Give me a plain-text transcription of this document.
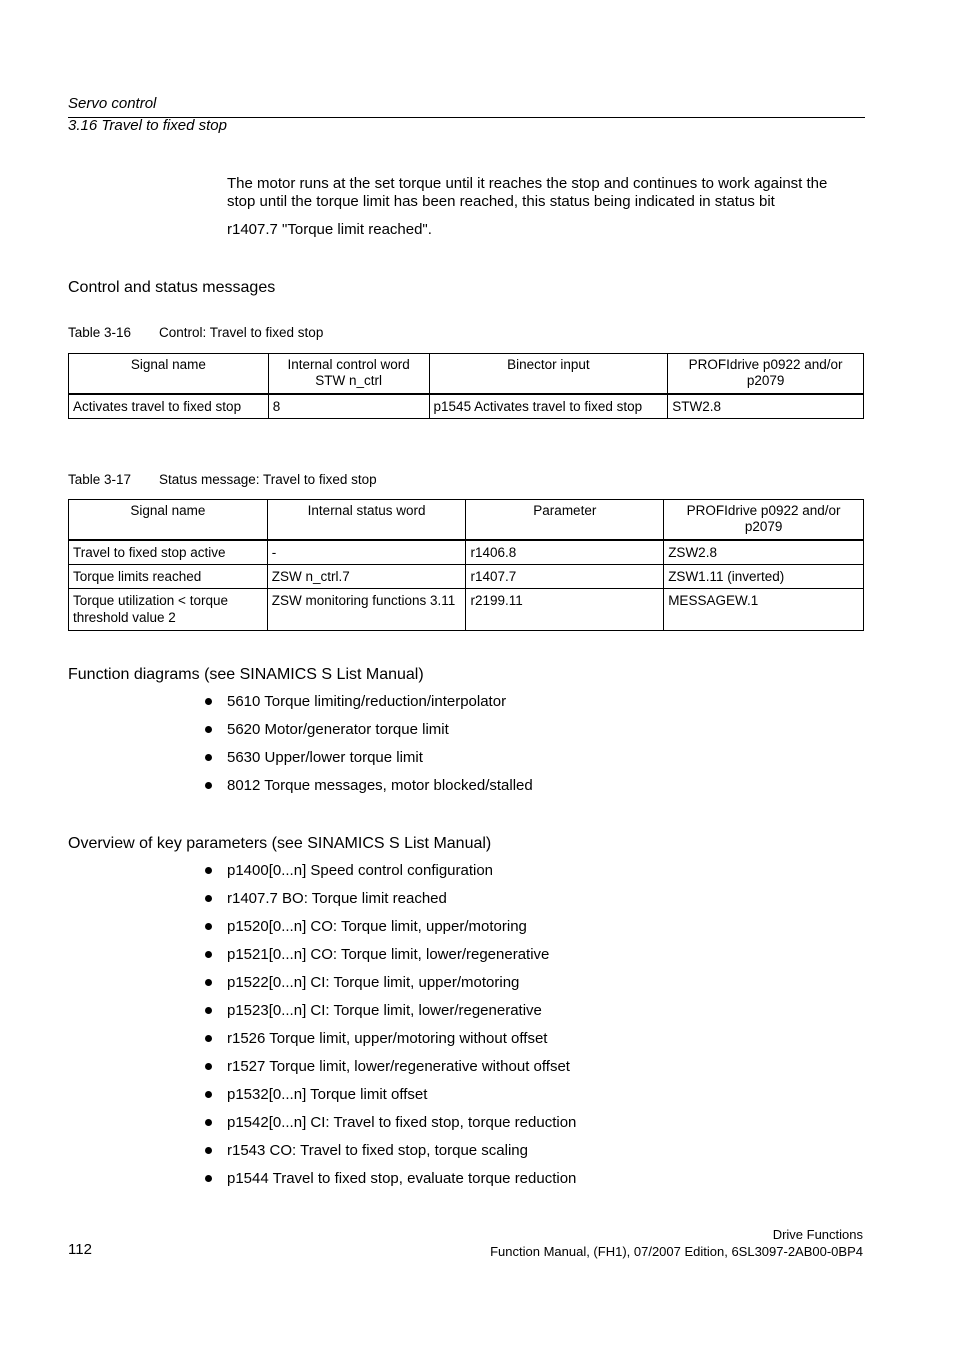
Servo control
3.16 Travel to fixed stop

The motor runs at the set torque until it reaches the stop and continues to work against the stop until the torque limit has been reached, this status being indicated in status bit

r1407.7 "Torque limit reached".

Control and status messages
Table 3-16 Control: Travel to fixed stop
Signal name	Internal control word STW n_ctrl	Binector input	PROFIdrive p0922 and/or p2079
Activates travel to fixed stop	8	p1545 Activates travel to fixed stop	STW2.8
Table 3-17 Status message: Travel to fixed stop
Signal name	Internal status word	Parameter	PROFIdrive p0922 and/or p2079
Travel to fixed stop active	-	r1406.8	ZSW2.8
Torque limits reached	ZSW n_ctrl.7	r1407.7	ZSW1.11 (inverted)
Torque utilization < torque threshold value 2	ZSW monitoring functions 3.11	r2199.11	MESSAGEW.1
Function diagrams (see SINAMICS S List Manual)
5610 Torque limiting/reduction/interpolator
5620 Motor/generator torque limit
5630 Upper/lower torque limit
8012 Torque messages, motor blocked/stalled
Overview of key parameters (see SINAMICS S List Manual)
p1400[0...n] Speed control configuration
r1407.7 BO: Torque limit reached
p1520[0...n] CO: Torque limit, upper/motoring
p1521[0...n] CO: Torque limit, lower/regenerative
p1522[0...n] CI: Torque limit, upper/motoring
p1523[0...n] CI: Torque limit, lower/regenerative
r1526 Torque limit, upper/motoring without offset
r1527 Torque limit, lower/regenerative without offset
p1532[0...n] Torque limit offset
p1542[0...n] CI: Travel to fixed stop, torque reduction
r1543 CO: Travel to fixed stop, torque scaling
p1544 Travel to fixed stop, evaluate torque reduction
Drive Functions
112	Function Manual, (FH1), 07/2007 Edition, 6SL3097-2AB00-0BP4
